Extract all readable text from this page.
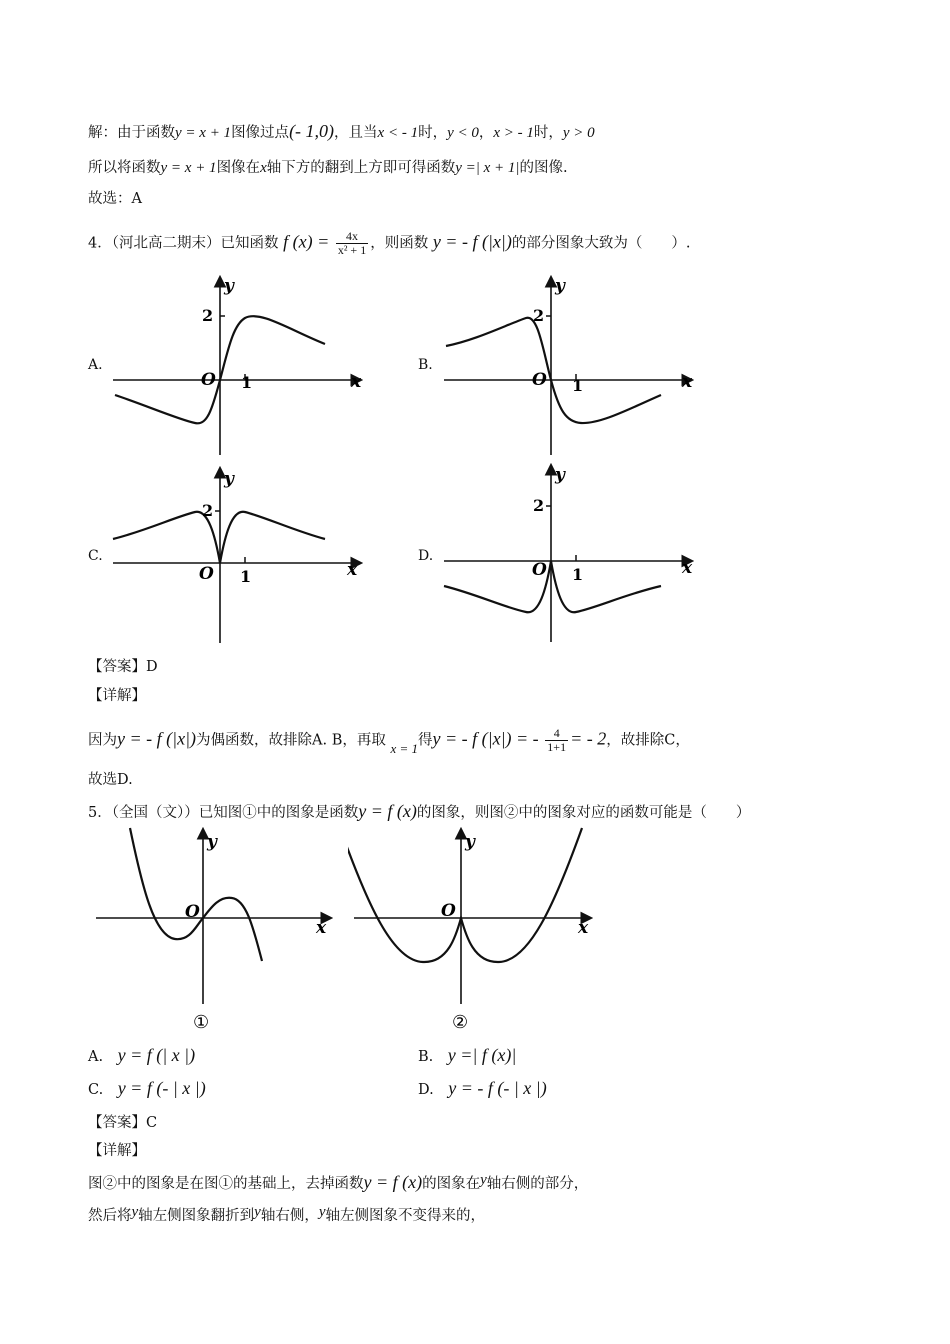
解：由于函数y = x + 1图像过点(- 1,0)，且当x < - 1时，y < 0，x > - 1时，y > 0
所以将函数y = x + 1图像在x轴下方的翻到上方即可得函数y =| x + 1|的图像.
故选：A
4．（河北高二期末）已知函数 f $(x) = \frac{4x}{\text{x² + 1}}$ ，则函数 y = - f (|x|)的部分图象大致为（　　）.
A.	B.
C.	D.
y
x
O 1
2
y
x
O 1
2
y
x
O 1
2
y
x
O 1
2
【答案】D
【详解】
因为y = - f (|x|)为偶函数，故排除A. B，再取 x = 1得y = - f (|x|) = - $\frac{4}{1+1}$ = - 2，故排除C，
故选D.
5．（全国（文））已知图①中的图象是函数y = f (x)的图象，则图②中的图象对应的函数可能是（　　）
y
x
O
①
y
x
O
②
A.　 y = f (| x |)	B.　 y =| f (x)|
C.　 y = f (- | x |)	D.　 y = - f (- | x |)
【答案】C
【详解】
图②中的图象是在图①的基础上，去掉函数y = f (x)的图象在y轴右侧的部分，
然后将y轴左侧图象翻折到y轴右侧，y轴左侧图象不变得来的，
